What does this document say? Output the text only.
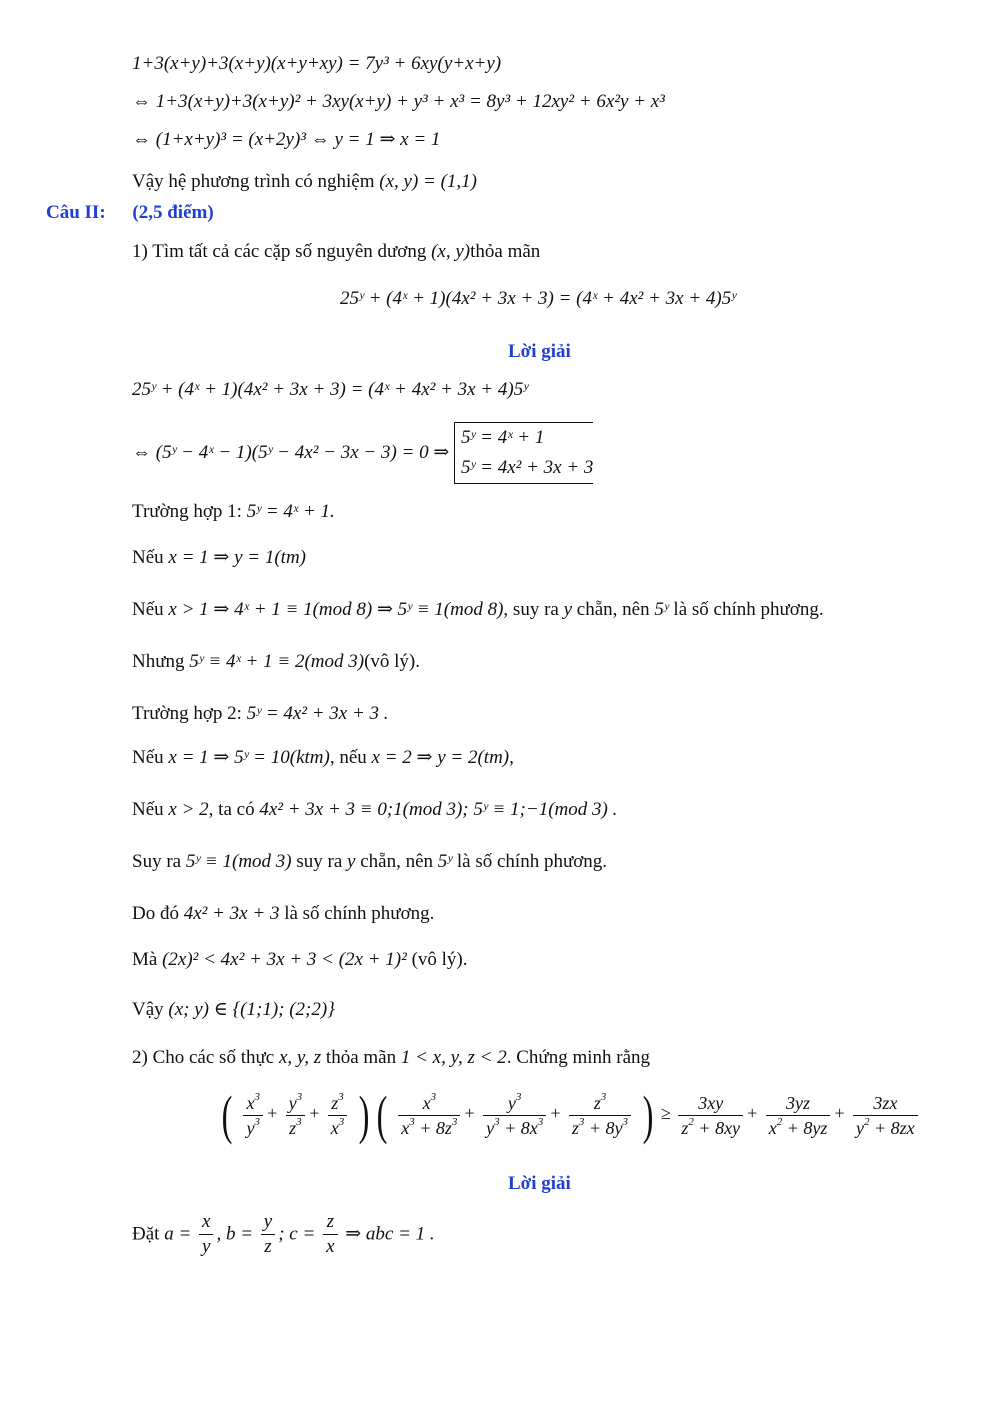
1+3(x+y)+3(x+y)(x+y+xy) = 7y³ + 6xy(y+x+y)
⇔ 1+3(x+y)+3(x+y)² + 3xy(x+y) + y³ + x³ = 8y³ + 12xy² + 6x²y + x³
⇔ (1+x+y)³ = (x+2y)³ ⇔ y = 1 ⇒ x = 1
Vậy hệ phương trình có nghiệm (x, y) = (1,1)
Câu II: (2,5 điểm)
1) Tìm tất cả các cặp số nguyên dương (x, y)thỏa mãn
25ʸ + (4ˣ + 1)(4x² + 3x + 3) = (4ˣ + 4x² + 3x + 4)5ʸ
Lời giải
25ʸ + (4ˣ + 1)(4x² + 3x + 3) = (4ˣ + 4x² + 3x + 4)5ʸ
⇔ (5ʸ − 4ˣ − 1)(5ʸ − 4x² − 3x − 3) = 0 ⇒
5ʸ = 4ˣ + 1
5ʸ = 4x² + 3x + 3
Trường hợp 1: 5ʸ = 4ˣ + 1.
Nếu x = 1 ⇒ y = 1(tm)
Nếu x > 1 ⇒ 4ˣ + 1 ≡ 1(mod 8) ⇒ 5ʸ ≡ 1(mod 8), suy ra y chẵn, nên 5ʸ là số chính phương.
Nhưng 5ʸ ≡ 4ˣ + 1 ≡ 2(mod 3)(vô lý).
Trường hợp 2: 5ʸ = 4x² + 3x + 3 .
Nếu x = 1 ⇒ 5ʸ = 10(ktm), nếu x = 2 ⇒ y = 2(tm),
Nếu x > 2, ta có 4x² + 3x + 3 ≡ 0;1(mod 3); 5ʸ ≡ 1;−1(mod 3) .
Suy ra 5ʸ ≡ 1(mod 3) suy ra y chẵn, nên 5ʸ là số chính phương.
Do đó 4x² + 3x + 3 là số chính phương.
Mà (2x)² < 4x² + 3x + 3 < (2x + 1)² (vô lý).
Vậy (x; y) ∈ {(1;1); (2;2)}
2) Cho các số thực x, y, z thỏa mãn 1 < x, y, z < 2. Chứng minh rằng
( $\frac{x^3}{y^3} + \frac{y^3}{z^3} + \frac{z^3}{x^3}$ ) ( $\frac{x^3}{x^3 + 8z^3} + \frac{y^3}{y^3 + 8x^3} + \frac{z^3}{z^3 + 8y^3}$ ) ≥ $\frac{3xy}{z^2 + 8xy} + \frac{3yz}{x^2 + 8yz} + \frac{3zx}{y^2 + 8zx}$
Lời giải
Đặt $a = \frac{x}{y}$ , $b = \frac{y}{z}$ ; $c = \frac{z}{x}$ ⇒ abc = 1 .
